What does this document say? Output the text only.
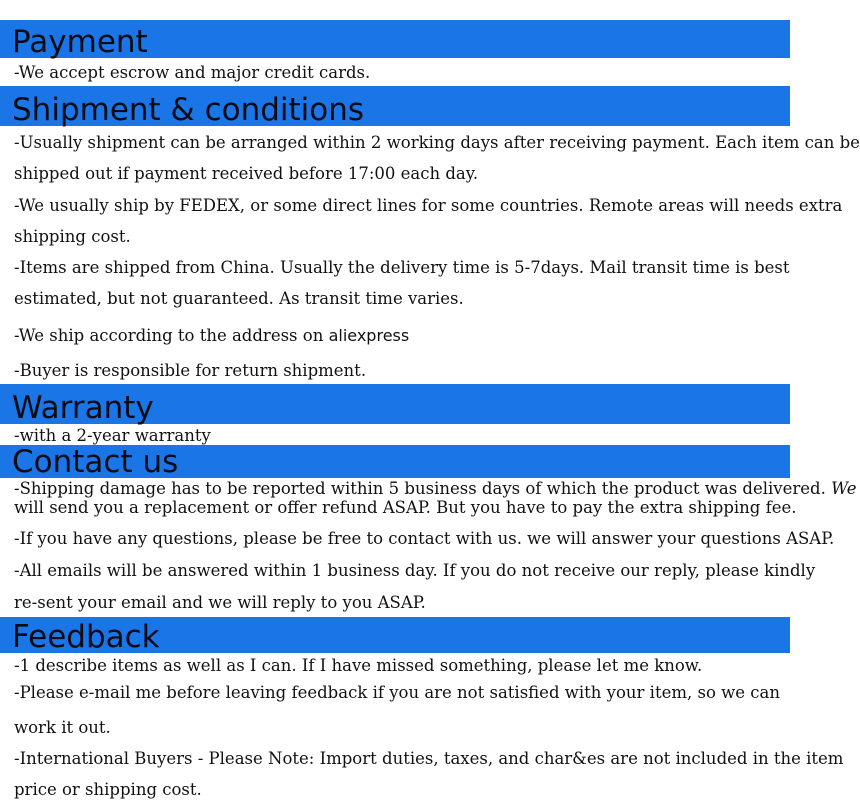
Payment
-We accept escrow and major credit cards.
Shipment & conditions
-Usually shipment can be arranged within 2 working days after receiving payment. Each item can be
shipped out if payment received before 17:00 each day.
-We usually ship by FEDEX, or some direct lines for some countries. Remote areas will needs extra
shipping cost.
-Items are shipped from China. Usually the delivery time is 5-7days. Mail transit time is best
estimated, but not guaranteed. As transit time varies.
-We ship according to the address on aliexpress
-Buyer is responsible for return shipment.
Warranty
-with a 2-year warranty
Contact us
-Shipping damage has to be reported within 5 business days of which the product was delivered. We
will send you a replacement or offer refund ASAP. But you have to pay the extra shipping fee.
-If you have any questions, please be free to contact with us. we will answer your questions ASAP.
-All emails will be answered within 1 business day. If you do not receive our reply, please kindly
re-sent your email and we will reply to you ASAP.
Feedback
-1 describe items as well as I can. If I have missed something, please let me know.
-Please e-mail me before leaving feedback if you are not satisfied with your item, so we can
work it out.
-International Buyers - Please Note: Import duties, taxes, and char&es are not included in the item
price or shipping cost.
